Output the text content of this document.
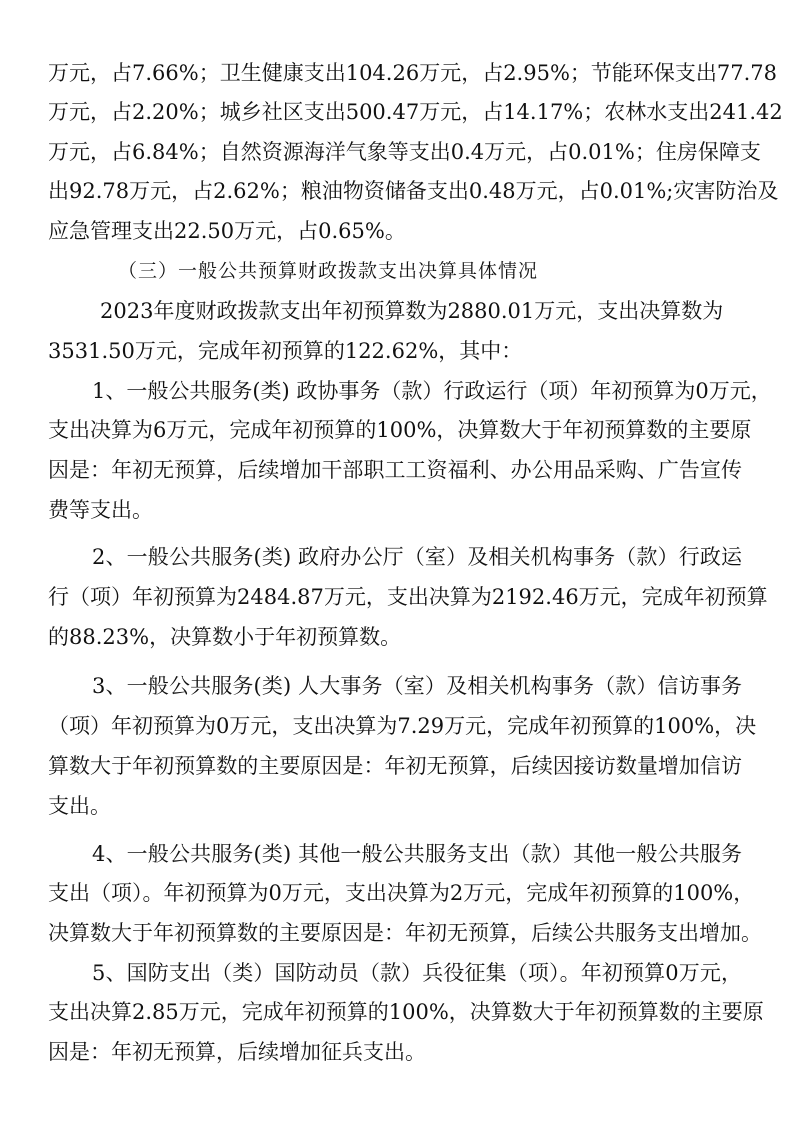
万元，占7.66%；卫生健康支出104.26万元，占2.95%；节能环保支出77.78
万元，占2.20%；城乡社区支出500.47万元，占14.17%；农林水支出241.42
万元，占6.84%；自然资源海洋气象等支出0.4万元，占0.01%；住房保障支
出92.78万元，占2.62%；粮油物资储备支出0.48万元，占0.01%;灾害防治及
应急管理支出22.50万元，占0.65%。
（三）一般公共预算财政拨款支出决算具体情况
2023年度财政拨款支出年初预算数为2880.01万元，支出决算数为
3531.50万元，完成年初预算的122.62%，其中：
1、一般公共服务(类) 政协事务（款）行政运行（项）年初预算为0万元，
支出决算为6万元，完成年初预算的100%，决算数大于年初预算数的主要原
因是：年初无预算，后续增加干部职工工资福利、办公用品采购、广告宣传
费等支出。
2、一般公共服务(类) 政府办公厅（室）及相关机构事务（款）行政运
行（项）年初预算为2484.87万元，支出决算为2192.46万元，完成年初预算
的88.23%，决算数小于年初预算数。
3、一般公共服务(类) 人大事务（室）及相关机构事务（款）信访事务
（项）年初预算为0万元，支出决算为7.29万元，完成年初预算的100%，决
算数大于年初预算数的主要原因是：年初无预算，后续因接访数量增加信访
支出。
4、一般公共服务(类) 其他一般公共服务支出（款）其他一般公共服务
支出（项）。年初预算为0万元，支出决算为2万元，完成年初预算的100%，
决算数大于年初预算数的主要原因是：年初无预算，后续公共服务支出增加。
5、国防支出（类）国防动员（款）兵役征集（项）。年初预算0万元，
支出决算2.85万元，完成年初预算的100%，决算数大于年初预算数的主要原
因是：年初无预算，后续增加征兵支出。
